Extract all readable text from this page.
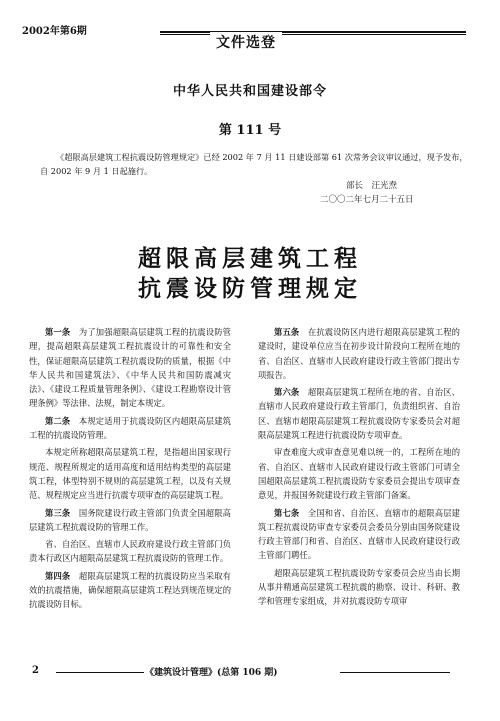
2002年第6期
文件选登
中华人民共和国建设部令
第 111 号
《超限高层建筑工程抗震设防管理规定》已经 2002 年 7 月 11 日建设部第 61 次常务会议审议通过，现予发布，自 2002 年 9 月 1 日起施行。
部长　汪光焘
二〇〇二年七月二十五日
超限高层建筑工程
抗震设防管理规定

第一条　 为了加强超限高层建筑工程的抗震设防管理，提高超限高层建筑工程抗震设计的可靠性和安全性，保证超限高层建筑工程抗震设防的质量，根据《中华人民共和国建筑法》、《中华人民共和国防震减灾法》、《建设工程质量管理条例》、《建设工程勘察设计管理条例》等法律、法规，制定本规定。

第二条　 本规定适用于抗震设防区内超限高层建筑工程的抗震设防管理。

本规定所称超限高层建筑工程，是指超出国家现行规范、规程所规定的适用高度和适用结构类型的高层建筑工程，体型特别不规则的高层建筑工程，以及有关规范、规程规定应当进行抗震专项审查的高层建筑工程。

第三条　 国务院建设行政主管部门负责全国超限高层建筑工程抗震设防的管理工作。

省、自治区、直辖市人民政府建设行政主管部门负责本行政区内超限高层建筑工程抗震设防的管理工作。

第四条　 超限高层建筑工程的抗震设防应当采取有效的抗震措施，确保超限高层建筑工程达到规范规定的抗震设防目标。

第五条　 在抗震设防区内进行超限高层建筑工程的建设时，建设单位应当在初步设计阶段向工程所在地的省、自治区、直辖市人民政府建设行政主管部门提出专项报告。

第六条　 超限高层建筑工程所在地的省、自治区、直辖市人民政府建设行政主管部门，负责组织省、自治区、直辖市超限高层建筑工程抗震设防专家委员会对超限高层建筑工程进行抗震设防专项审查。

审查难度大或审查意见难以统一的，工程所在地的省、自治区、直辖市人民政府建设行政主管部门可请全国超限高层建筑工程抗震设防专家委员会提出专项审查意见，并报国务院建设行政主管部门备案。

第七条　 全国和省、自治区、直辖市的超限高层建筑工程抗震设防审查专家委员会委员分别由国务院建设行政主管部门和省、自治区、直辖市人民政府建设行政主管部门聘任。

超限高层建筑工程抗震设防专家委员会应当由长期从事并精通高层建筑工程抗震的勘察、设计、科研、教学和管理专家组成，并对抗震设防专项审

2	《建筑设计管理》(总第 106 期)
